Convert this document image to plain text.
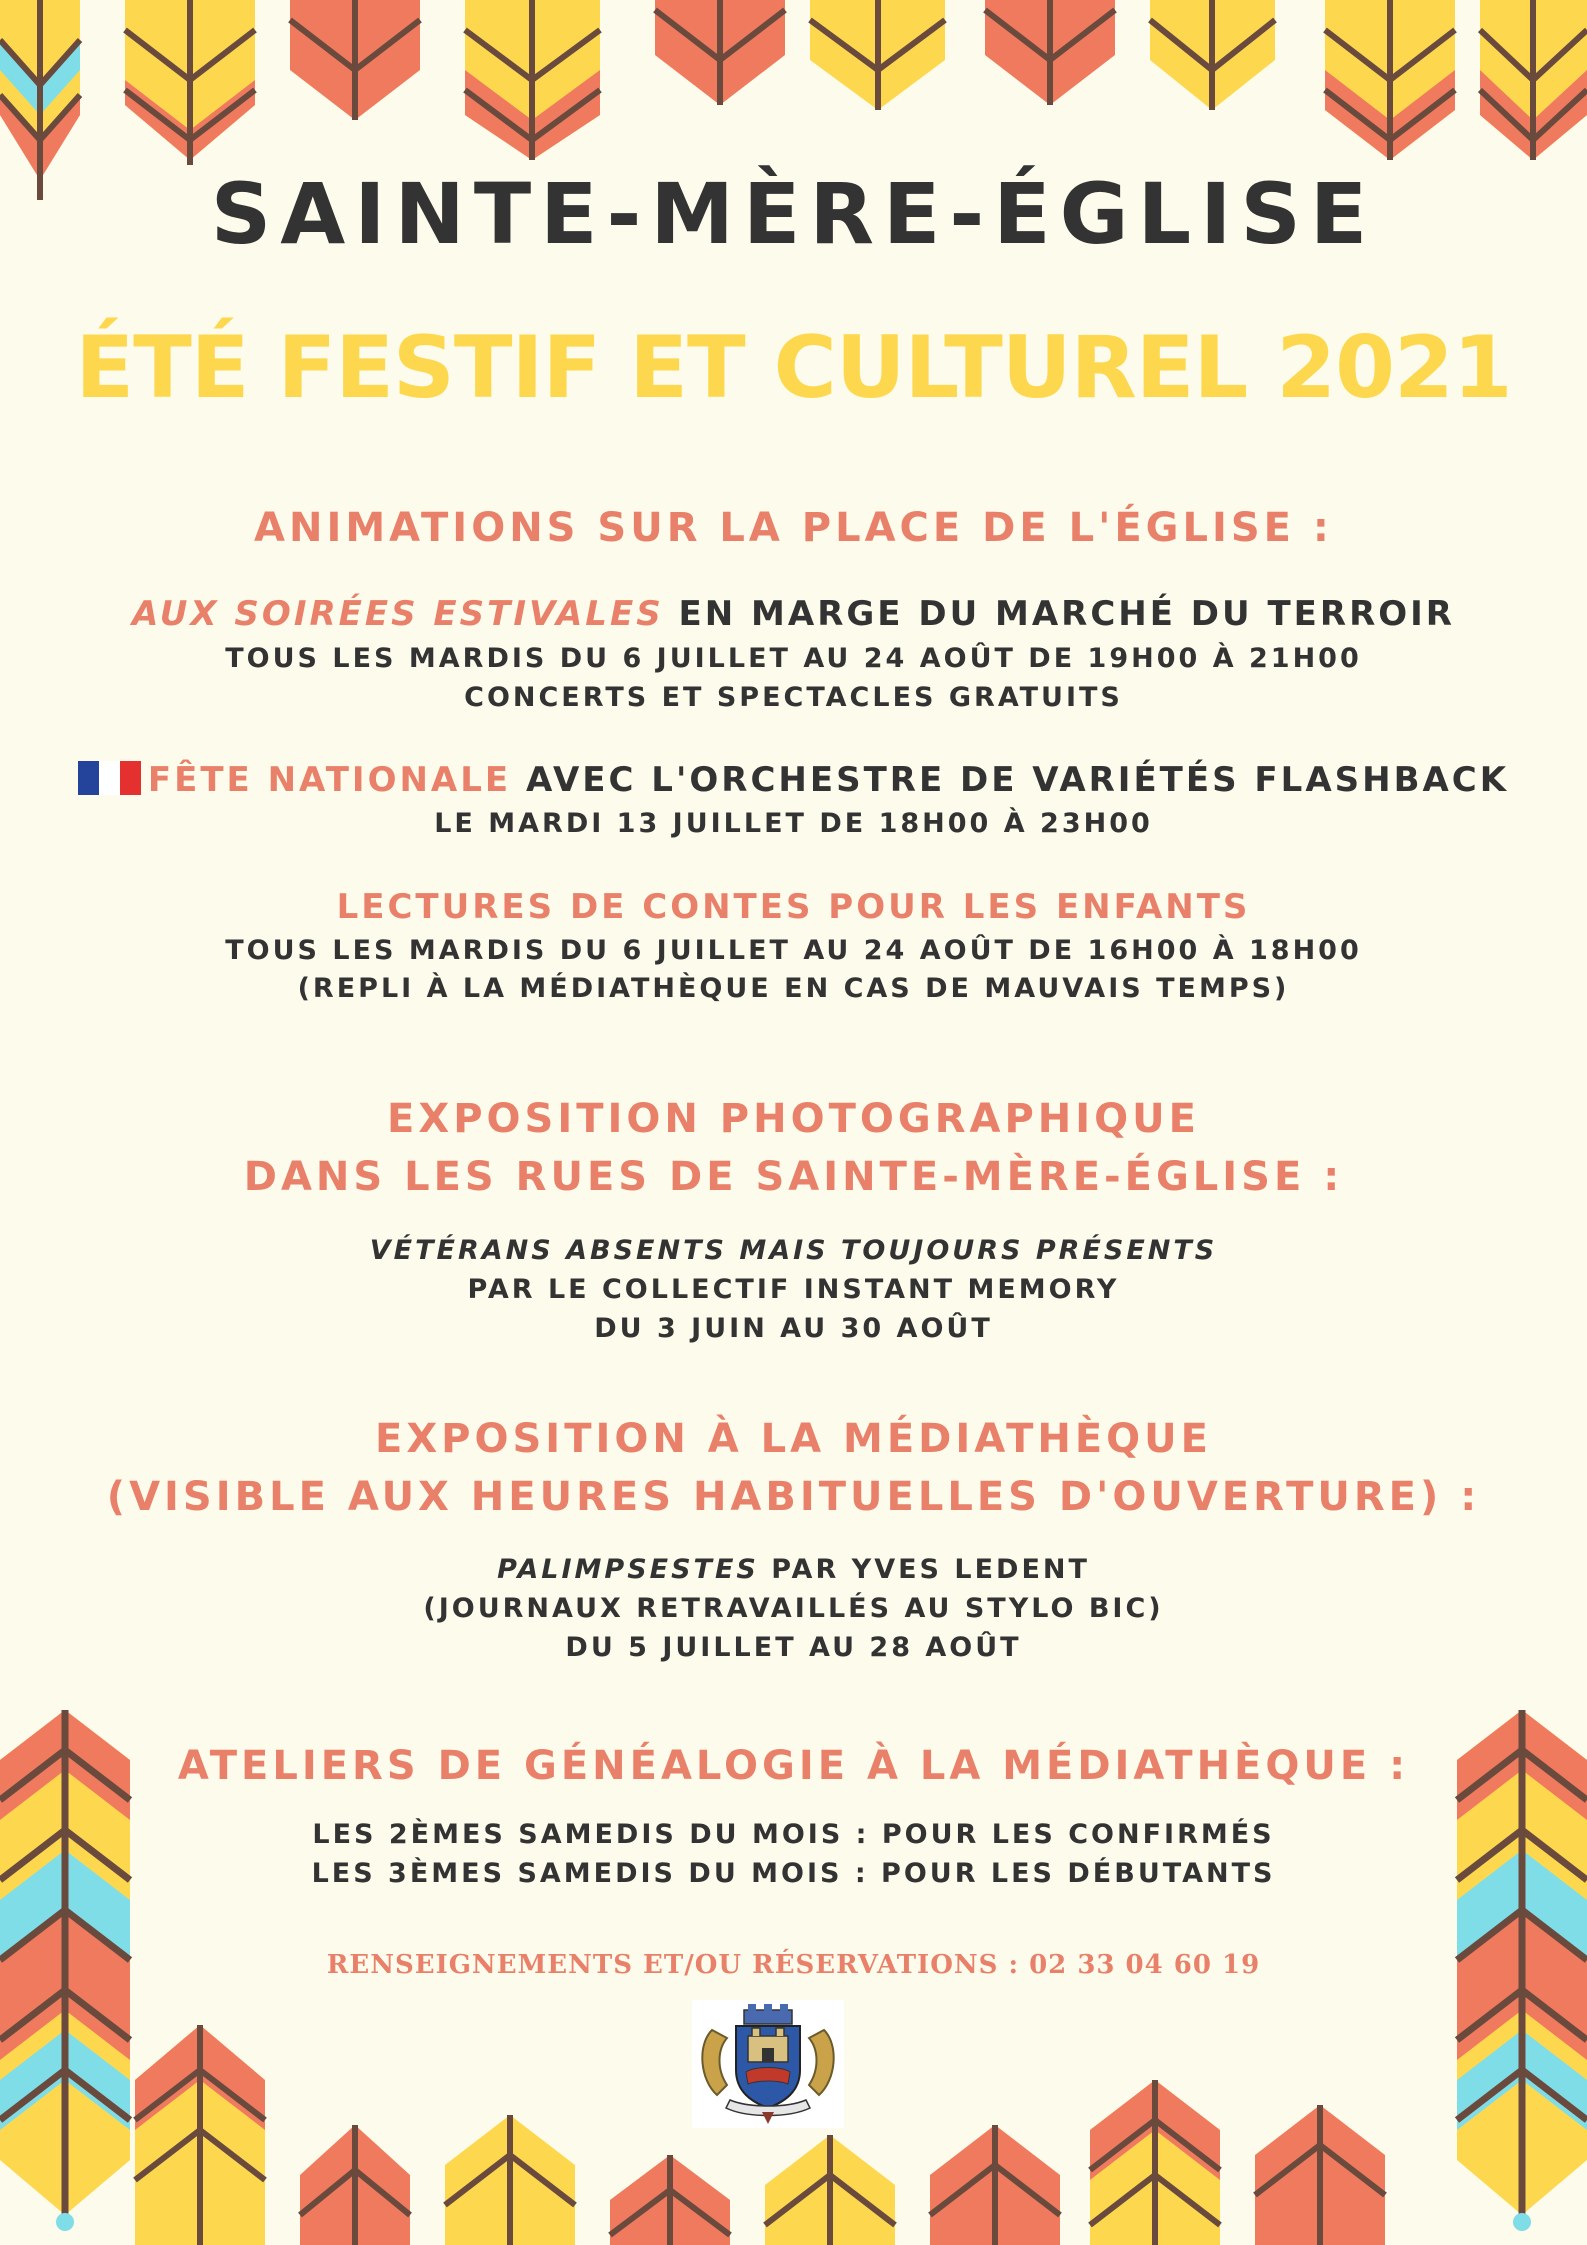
SAINTE-MÈRE-ÉGLISE
ÉTÉ FESTIF ET CULTUREL 2021
ANIMATIONS SUR LA PLACE DE L'ÉGLISE :
AUX SOIRÉES ESTIVALES EN MARGE DU MARCHÉ DU TERROIR
TOUS LES MARDIS DU 6 JUILLET AU 24 AOÛT DE 19H00 À 21H00
CONCERTS ET SPECTACLES GRATUITS
FÊTE NATIONALE AVEC L'ORCHESTRE DE VARIÉTÉS FLASHBACK
LE MARDI 13 JUILLET DE 18H00 À 23H00
LECTURES DE CONTES POUR LES ENFANTS
TOUS LES MARDIS DU 6 JUILLET AU 24 AOÛT DE 16H00 À 18H00
(REPLI À LA MÉDIATHÈQUE EN CAS DE MAUVAIS TEMPS)
EXPOSITION PHOTOGRAPHIQUE
DANS LES RUES DE SAINTE-MÈRE-ÉGLISE :
VÉTÉRANS ABSENTS MAIS TOUJOURS PRÉSENTS
PAR LE COLLECTIF INSTANT MEMORY
DU 3 JUIN AU 30 AOÛT
EXPOSITION À LA MÉDIATHÈQUE
(VISIBLE AUX HEURES HABITUELLES D'OUVERTURE) :
PALIMPSESTES PAR YVES LEDENT
(JOURNAUX RETRAVAILLÉS AU STYLO BIC)
DU 5 JUILLET AU 28 AOÛT
ATELIERS DE GÉNÉALOGIE À LA MÉDIATHÈQUE :
LES 2ÈMES SAMEDIS DU MOIS : POUR LES CONFIRMÉS
LES 3ÈMES SAMEDIS DU MOIS : POUR LES DÉBUTANTS
RENSEIGNEMENTS ET/OU RÉSERVATIONS : 02 33 04 60 19
